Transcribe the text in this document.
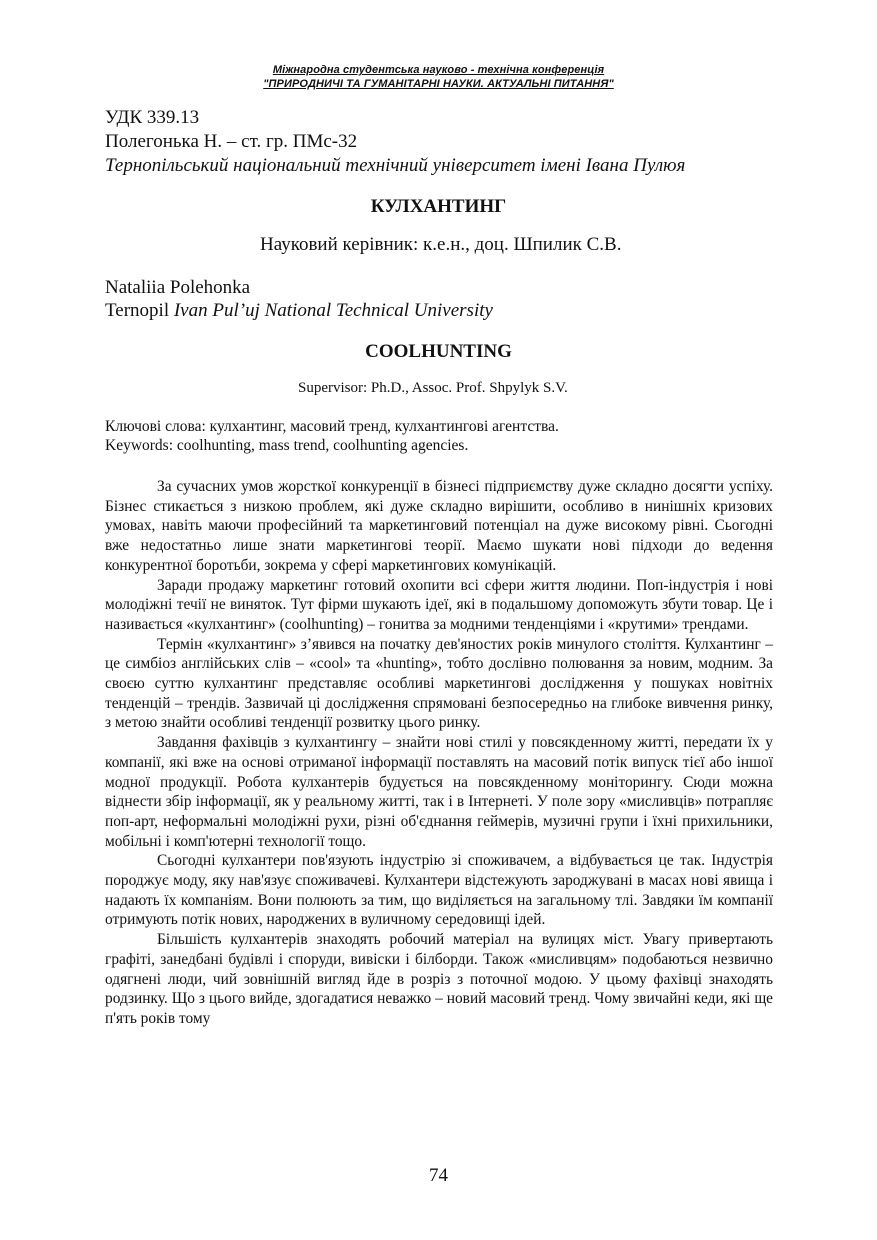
Міжнародна студентська науково - технічна конференція
"ПРИРОДНИЧІ ТА ГУМАНІТАРНІ НАУКИ. АКТУАЛЬНІ ПИТАННЯ"
УДК 339.13
Полегонька Н. – ст. гр. ПМс-32
Тернопільський національний технічний університет імені Івана Пулюя
КУЛХАНТИНГ
Науковий керівник: к.е.н., доц. Шпилик С.В.
Nataliia Polehonka
Ternopil Ivan Pul’uj National Technical University
COOLHUNTING
Supervisor: Ph.D., Assoc. Prof. Shpylyk S.V.
Ключові слова: кулхантинг, масовий тренд, кулхантингові агентства.
Keywords: coolhunting, mass trend, coolhunting agencies.

За сучасних умов жорсткої конкуренції в бізнесі підприємству дуже складно досягти успіху. Бізнес стикається з низкою проблем, які дуже складно вирішити, особливо в нинішніх кризових умовах, навіть маючи професійний та маркетинговий потенціал на дуже високому рівні. Сьогодні вже недостатньо лише знати маркетингові теорії. Маємо шукати нові підходи до ведення конкурентної боротьби, зокрема у сфері маркетингових комунікацій.

Заради продажу маркетинг готовий охопити всі сфери життя людини. Поп-індустрія і нові молодіжні течії не виняток. Тут фірми шукають ідеї, які в подальшому допоможуть збути товар. Це і називається «кулхантинг» (coolhunting) – гонитва за модними тенденціями і «крутими» трендами.

Термін «кулхантинг» з’явився на початку дев'яностих років минулого століття. Кулхантинг – це симбіоз англійських слів – «cool» та «hunting», тобто дослівно полювання за новим, модним. За своєю суттю кулхантинг представляє особливі маркетингові дослідження у пошуках новітніх тенденцій – трендів. Зазвичай ці дослідження спрямовані безпосередньо на глибоке вивчення ринку, з метою знайти особливі тенденції розвитку цього ринку.

Завдання фахівців з кулхантингу – знайти нові стилі у повсякденному житті, передати їх у компанії, які вже на основі отриманої інформації поставлять на масовий потік випуск тієї або іншої модної продукції. Робота кулхантерів будується на повсякденному моніторингу. Сюди можна віднести збір інформації, як у реальному житті, так і в Інтернеті. У поле зору «мисливців» потрапляє поп-арт, неформальні молодіжні рухи, різні об'єднання геймерів, музичні групи і їхні прихильники, мобільні і комп'ютерні технології тощо.

Сьогодні кулхантери пов'язують індустрію зі споживачем, а відбувається це так. Індустрія породжує моду, яку нав'язує споживачеві. Кулхантери відстежують зароджувані в масах нові явища і надають їх компаніям. Вони полюють за тим, що виділяється на загальному тлі. Завдяки їм компанії отримують потік нових, народжених в вуличному середовищі ідей.

Більшість кулхантерів знаходять робочий матеріал на вулицях міст. Увагу привертають графіті, занедбані будівлі і споруди, вивіски і білборди. Також «мисливцям» подобаються незвично одягнені люди, чий зовнішній вигляд йде в розріз з поточної модою. У цьому фахівці знаходять родзинку. Що з цього вийде, здогадатися неважко – новий масовий тренд. Чому звичайні кеди, які ще п'ять років тому

74
